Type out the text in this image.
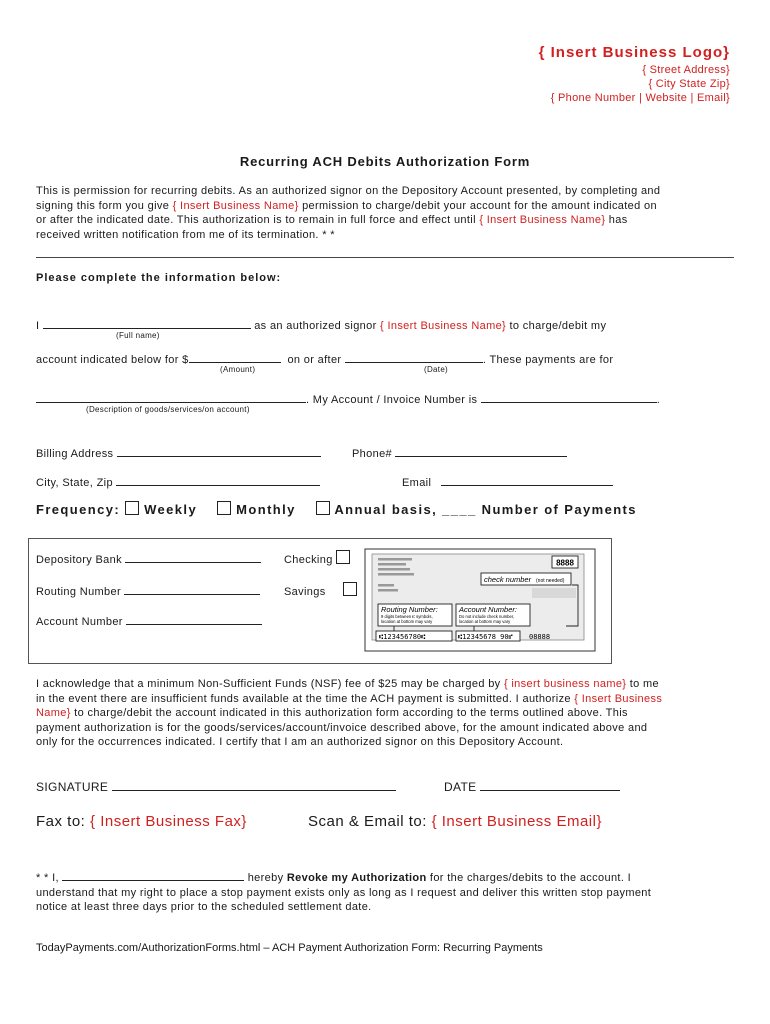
{ Insert Business Logo}
{ Street Address}
{ City State Zip}
{ Phone Number | Website | Email}
Recurring ACH Debits Authorization Form

This is permission for recurring debits. As an authorized signor on the Depository Account presented, by completing and

signing this form you give { Insert Business Name} permission to charge/debit your account for the amount indicated on

or after the indicated date. This authorization is to remain in full force and effect until { Insert Business Name} has

received written notification from me of its termination. * *

Please complete the information below:
I	as an authorized signor { Insert Business Name} to charge/debit my
(Full name)
account indicated below for $	on or after	. These payments are for
(Amount)	(Date)
. My Account / Invoice Number is	.
(Description of goods/services/on account)
Billing Address	Phone#
City, State, Zip	Email
Frequency: Weekly	Monthly	Annual basis, ____ Number of Payments
Depository Bank
Routing Number
Account Number
Checking
Savings
8888
check number (not needed)
Routing Number:
9 digits between ⑆ symbols,
location at bottom may vary
Account Number:
Do not include check number,
location at bottom may vary
⑆123456780⑆	⑆12345678 90⑈ 08888

I acknowledge that a minimum Non-Sufficient Funds (NSF) fee of $25 may be charged by { insert business name} to me

in the event there are insufficient funds available at the time the ACH payment is submitted. I authorize { Insert Business

Name} to charge/debit the account indicated in this authorization form according to the terms outlined above. This

payment authorization is for the goods/services/account/invoice described above, for the amount indicated above and

only for the occurrences indicated. I certify that I am an authorized signor on this Depository Account.

SIGNATURE	DATE
Fax to: { Insert Business Fax}	Scan & Email to: { Insert Business Email}

* * I,	hereby Revoke my Authorization for the charges/debits to the account. I

understand that my right to place a stop payment exists only as long as I request and deliver this written stop payment

notice at least three days prior to the scheduled settlement date.

TodayPayments.com/AuthorizationForms.html – ACH Payment Authorization Form: Recurring Payments
